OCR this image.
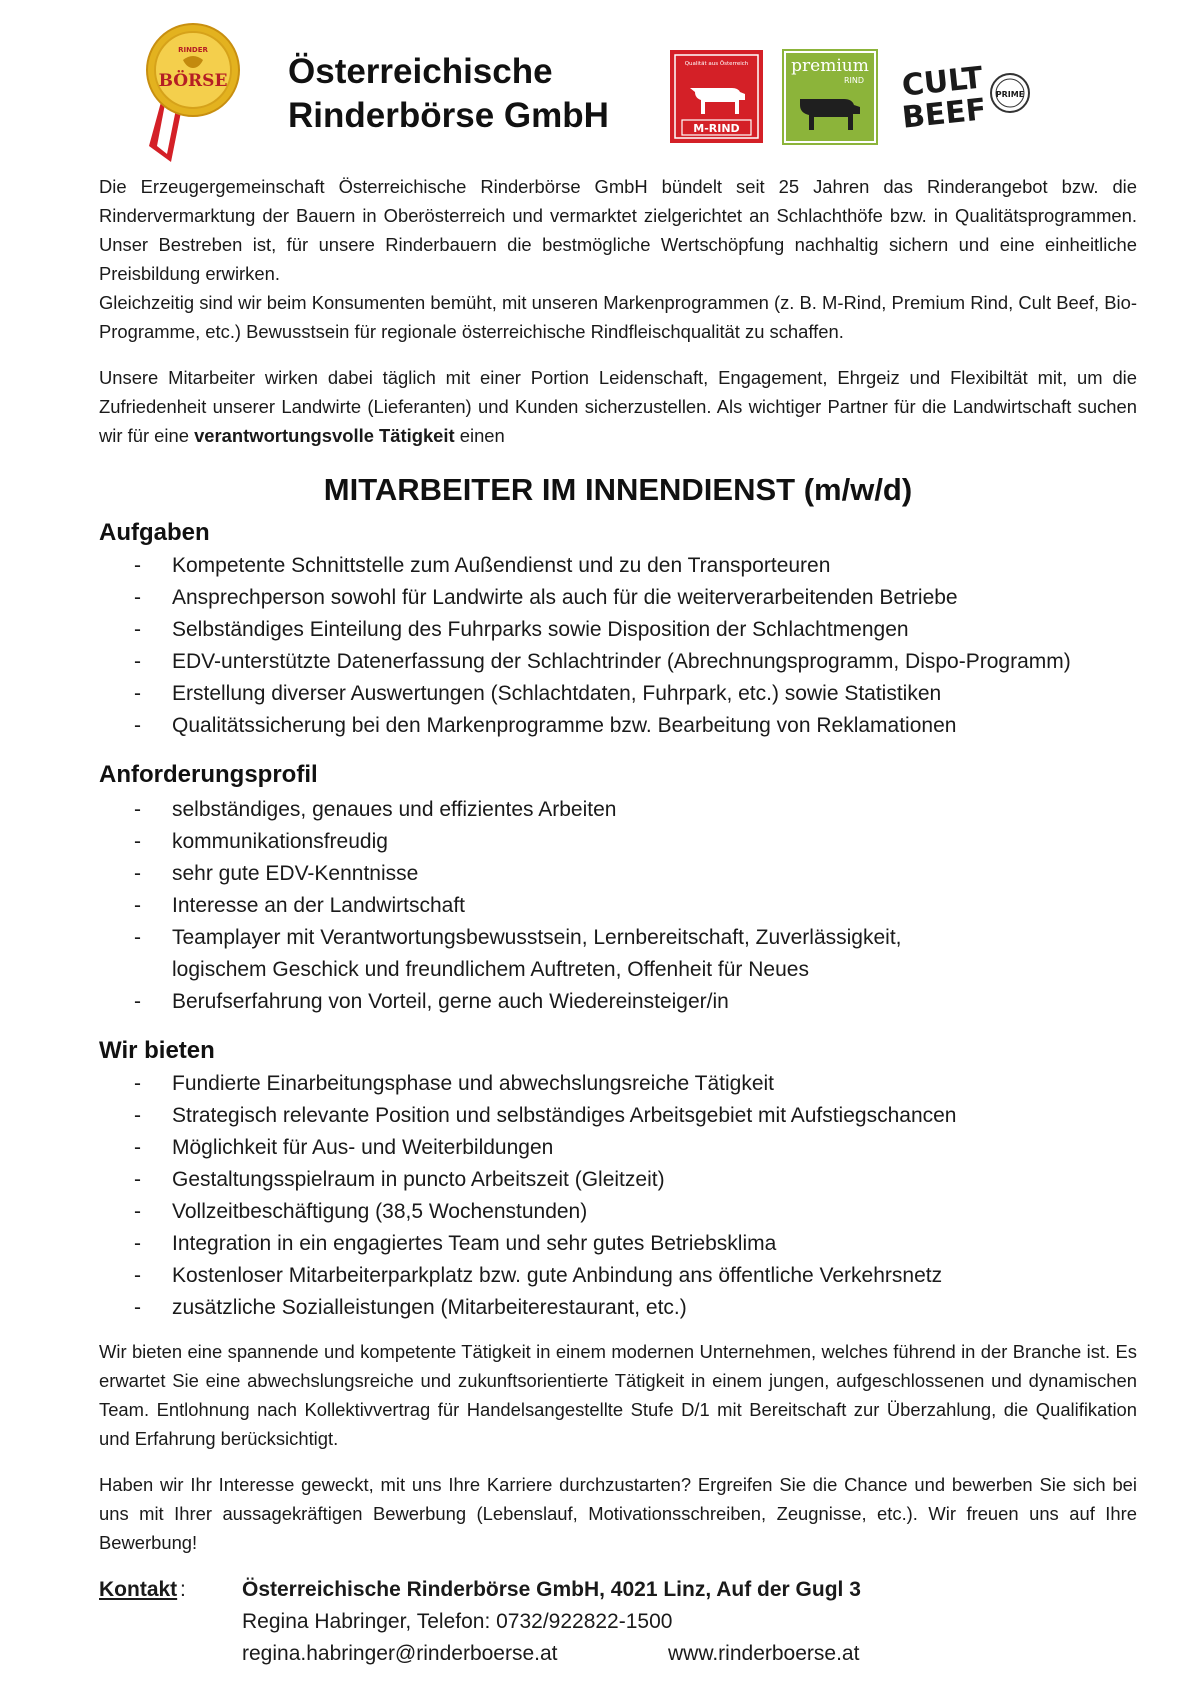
RINDER
BÖRSE Österreichische
Rinderbörse GmbH
Qualität aus Österreich
M-RIND
premium
RIND CULT
BEEF PRIME
Die Erzeugergemeinschaft Österreichische Rinderbörse GmbH bündelt seit 25 Jahren das Rinderangebot bzw. die Rindervermarktung der Bauern in Oberösterreich und vermarktet zielgerichtet an Schlachthöfe bzw. in Qualitätsprogrammen. Unser Bestreben ist, für unsere Rinderbauern die bestmögliche Wertschöpfung nachhaltig sichern und eine einheitliche Preisbildung erwirken.
Gleichzeitig sind wir beim Konsumenten bemüht, mit unseren Markenprogrammen (z. B. M-Rind, Premium Rind, Cult Beef, Bio-Programme, etc.) Bewusstsein für regionale österreichische Rindfleischqualität zu schaffen.
Unsere Mitarbeiter wirken dabei täglich mit einer Portion Leidenschaft, Engagement, Ehrgeiz und Flexibiltät mit, um die Zufriedenheit unserer Landwirte (Lieferanten) und Kunden sicherzustellen. Als wichtiger Partner für die Landwirtschaft suchen wir für eine verantwortungsvolle Tätigkeit einen
MITARBEITER IM INNENDIENST (m/w/d)
Aufgaben
- Kompetente Schnittstelle zum Außendienst und zu den Transporteuren
- Ansprechperson sowohl für Landwirte als auch für die weiterverarbeitenden Betriebe
- Selbständiges Einteilung des Fuhrparks sowie Disposition der Schlachtmengen
- EDV-unterstützte Datenerfassung der Schlachtrinder (Abrechnungsprogramm, Dispo-Programm)
- Erstellung diverser Auswertungen (Schlachtdaten, Fuhrpark, etc.) sowie Statistiken
- Qualitätssicherung bei den Markenprogramme bzw. Bearbeitung von Reklamationen
Anforderungsprofil
- selbständiges, genaues und effizientes Arbeiten
- kommunikationsfreudig
- sehr gute EDV-Kenntnisse
- Interesse an der Landwirtschaft
- Teamplayer mit Verantwortungsbewusstsein, Lernbereitschaft, Zuverlässigkeit,
logischem Geschick und freundlichem Auftreten, Offenheit für Neues
- Berufserfahrung von Vorteil, gerne auch Wiedereinsteiger/in
Wir bieten
- Fundierte Einarbeitungsphase und abwechslungsreiche Tätigkeit
- Strategisch relevante Position und selbständiges Arbeitsgebiet mit Aufstiegschancen
- Möglichkeit für Aus- und Weiterbildungen
- Gestaltungsspielraum in puncto Arbeitszeit (Gleitzeit)
- Vollzeitbeschäftigung (38,5 Wochenstunden)
- Integration in ein engagiertes Team und sehr gutes Betriebsklima
- Kostenloser Mitarbeiterparkplatz bzw. gute Anbindung ans öffentliche Verkehrsnetz
- zusätzliche Sozialleistungen (Mitarbeiterestaurant, etc.)
Wir bieten eine spannende und kompetente Tätigkeit in einem modernen Unternehmen, welches führend in der Branche ist. Es erwartet Sie eine abwechslungsreiche und zukunftsorientierte Tätigkeit in einem jungen, aufgeschlossenen und dynamischen Team. Entlohnung nach Kollektivvertrag für Handelsangestellte Stufe D/1 mit Bereitschaft zur Überzahlung, die Qualifikation und Erfahrung berücksichtigt.
Haben wir Ihr Interesse geweckt, mit uns Ihre Karriere durchzustarten? Ergreifen Sie die Chance und bewerben Sie sich bei uns mit Ihrer aussagekräftigen Bewerbung (Lebenslauf, Motivationsschreiben, Zeugnisse, etc.). Wir freuen uns auf Ihre Bewerbung!
Kontakt :	Österreichische Rinderbörse GmbH, 4021 Linz, Auf der Gugl 3
Regina Habringer, Telefon: 0732/922822-1500
regina.habringer@rinderboerse.at	www.rinderboerse.at
